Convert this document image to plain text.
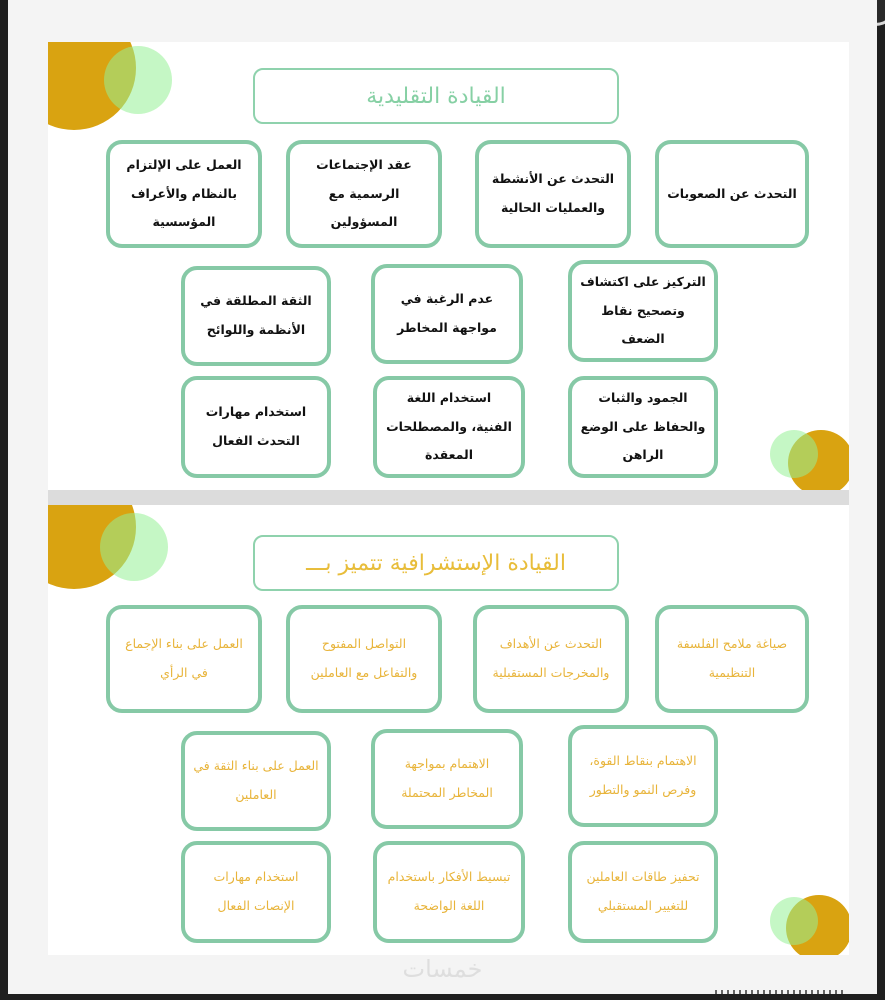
القيادة التقليدية
التحدث عن الصعوبات
التحدث عن الأنشطة والعمليات الحالية
عقد الإجتماعات الرسمية مع المسؤولين
العمل على الإلتزام بالنظام والأعراف المؤسسية
التركيز على اكتشاف وتصحيح نقاط الضعف
عدم الرغبة في مواجهة المخاطر
الثقة المطلقة في الأنظمة واللوائح
الجمود والثبات والحفاظ على الوضع الراهن
استخدام اللغة الفنية، والمصطلحات المعقدة
استخدام مهارات التحدث الفعال
القيادة الإستشرافية تتميز بـــ
صياغة ملامح الفلسفة التنظيمية
التحدث عن الأهداف والمخرجات المستقبلية
التواصل المفتوح والتفاعل مع العاملين
العمل على بناء الإجماع في الرأي
الاهتمام بنقاط القوة، وفرص النمو والتطور
الاهتمام بمواجهة المخاطر المحتملة
العمل على بناء الثقة في العاملين
تحفيز طاقات العاملين للتغيير المستقبلي
تبسيط الأفكار باستخدام اللغة الواضحة
استخدام مهارات الإنصات الفعال
خمسات
